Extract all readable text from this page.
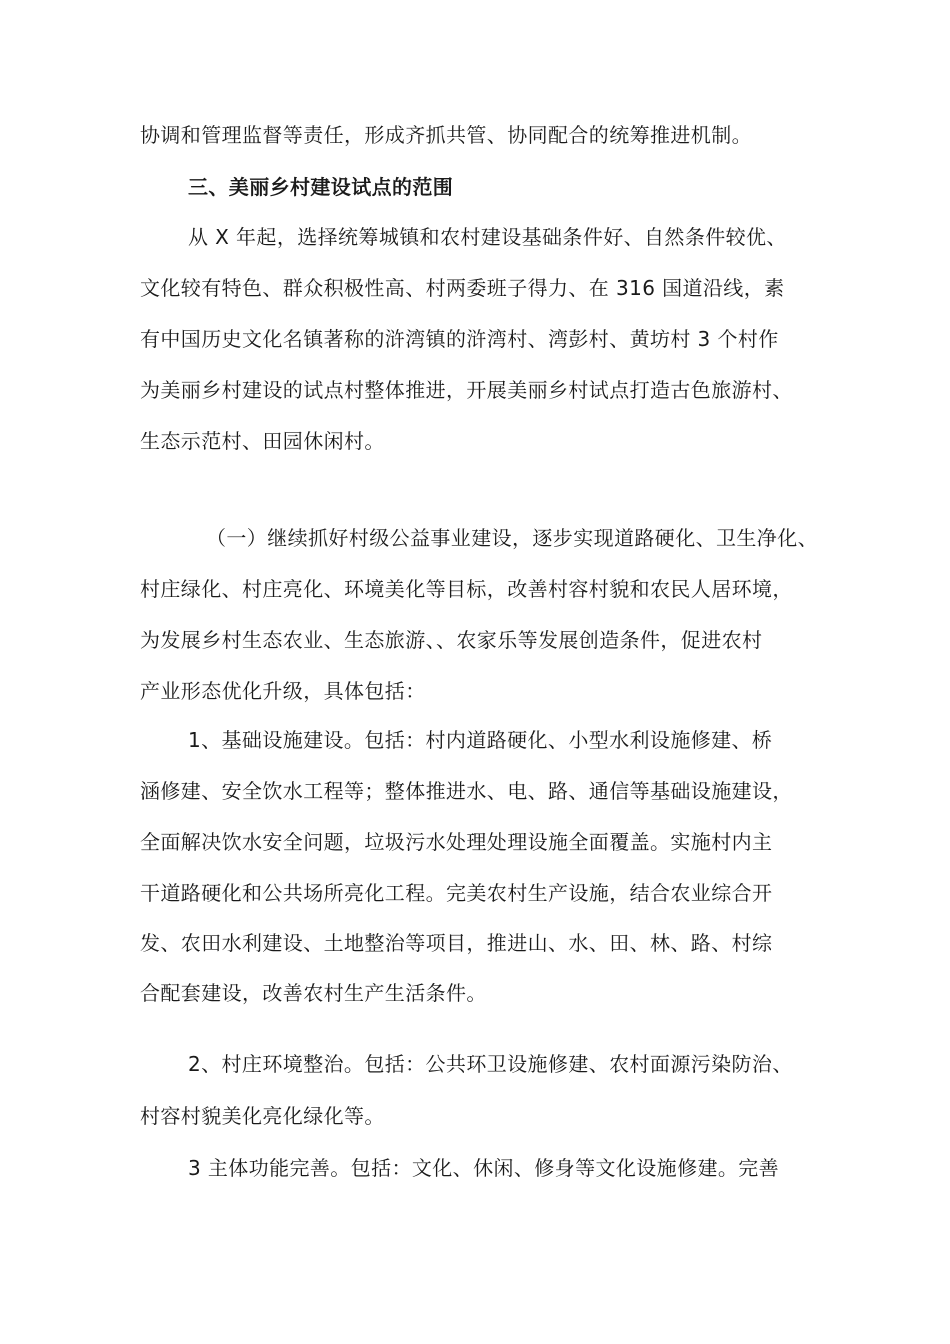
协调和管理监督等责任，形成齐抓共管、协同配合的统筹推进机制。
三、美丽乡村建设试点的范围
从 X 年起，选择统筹城镇和农村建设基础条件好、自然条件较优、
文化较有特色、群众积极性高、村两委班子得力、在 316 国道沿线，素
有中国历史文化名镇著称的浒湾镇的浒湾村、湾彭村、黄坊村 3 个村作
为美丽乡村建设的试点村整体推进，开展美丽乡村试点打造古色旅游村、
生态示范村、田园休闲村。
（一）继续抓好村级公益事业建设，逐步实现道路硬化、卫生净化、
村庄绿化、村庄亮化、环境美化等目标，改善村容村貌和农民人居环境，
为发展乡村生态农业、生态旅游、、农家乐等发展创造条件，促进农村
产业形态优化升级，具体包括：
1、基础设施建设。包括：村内道路硬化、小型水利设施修建、桥
涵修建、安全饮水工程等；整体推进水、电、路、通信等基础设施建设，
全面解决饮水安全问题，垃圾污水处理处理设施全面覆盖。实施村内主
干道路硬化和公共场所亮化工程。完美农村生产设施，结合农业综合开
发、农田水利建设、土地整治等项目，推进山、水、田、林、路、村综
合配套建设，改善农村生产生活条件。
2、村庄环境整治。包括：公共环卫设施修建、农村面源污染防治、
村容村貌美化亮化绿化等。
3 主体功能完善。包括：文化、休闲、修身等文化设施修建。完善
